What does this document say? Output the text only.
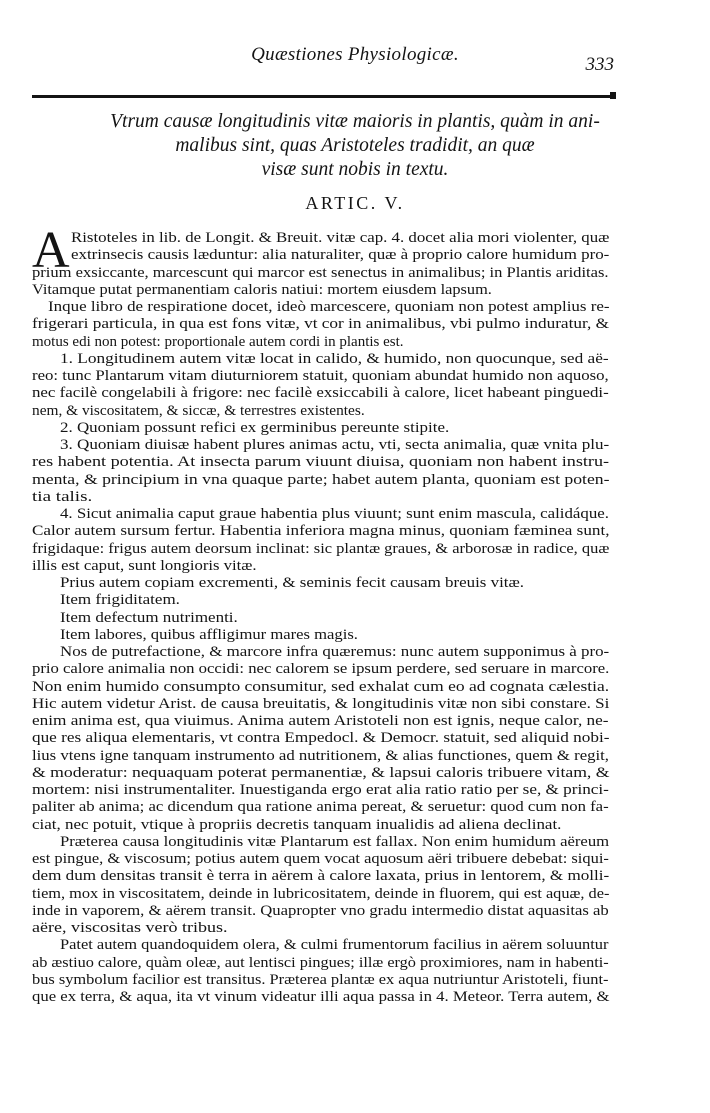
Quæstiones Physiologicæ.	333
Vtrum causæ longitudinis vitæ maioris in plantis, quàm in ani-
malibus sint, quas Aristoteles tradidit, an quæ
visæ sunt nobis in textu.
ARTIC. V.
A Ristoteles in lib. de Longit. & Breuit. vitæ cap. 4. docet alia mori violenter, quæ
extrinsecis causis læduntur: alia naturaliter, quæ à proprio calore humidum pro-
prium exsiccante, marcescunt qui marcor est senectus in animalibus; in Plantis ariditas.
Vitamque putat permanentiam caloris natiui: mortem eiusdem lapsum.
Inque libro de respiratione docet, ideò marcescere, quoniam non potest amplius re-
frigerari particula, in qua est fons vitæ, vt cor in animalibus, vbi pulmo induratur, &
motus edi non potest: proportionale autem cordi in plantis est.
1. Longitudinem autem vitæ locat in calido, & humido, non quocunque, sed aë-
reo: tunc Plantarum vitam diuturniorem statuit, quoniam abundat humido non aquoso,
nec facilè congelabili à frigore: nec facilè exsiccabili à calore, licet habeant pinguedi-
nem, & viscositatem, & siccæ, & terrestres existentes.
2. Quoniam possunt refici ex germinibus pereunte stipite.
3. Quoniam diuisæ habent plures animas actu, vti, secta animalia, quæ vnita plu-
res habent potentia. At insecta parum viuunt diuisa, quoniam non habent instru-
menta, & principium in vna quaque parte; habet autem planta, quoniam est poten-
tia talis.
4. Sicut animalia caput graue habentia plus viuunt; sunt enim mascula, calidáque.
Calor autem sursum fertur. Habentia inferiora magna minus, quoniam fæminea sunt,
frigidaque: frigus autem deorsum inclinat: sic plantæ graues, & arborosæ in radice, quæ
illis est caput, sunt longioris vitæ.
Prius autem copiam excrementi, & seminis fecit causam breuis vitæ.
Item frigiditatem.
Item defectum nutrimenti.
Item labores, quibus affligimur mares magis.
Nos de putrefactione, & marcore infra quæremus: nunc autem supponimus à pro-
prio calore animalia non occidi: nec calorem se ipsum perdere, sed seruare in marcore.
Non enim humido consumpto consumitur, sed exhalat cum eo ad cognata cælestia.
Hic autem videtur Arist. de causa breuitatis, & longitudinis vitæ non sibi constare. Si
enim anima est, qua viuimus. Anima autem Aristoteli non est ignis, neque calor, ne-
que res aliqua elementaris, vt contra Empedocl. & Democr. statuit, sed aliquid nobi-
lius vtens igne tanquam instrumento ad nutritionem, & alias functiones, quem & regit,
& moderatur: nequaquam poterat permanentiæ, & lapsui caloris tribuere vitam, &
mortem: nisi instrumentaliter. Inuestiganda ergo erat alia ratio ratio per se, & princi-
paliter ab anima; ac dicendum qua ratione anima pereat, & seruetur: quod cum non fa-
ciat, nec potuit, vtique à propriis decretis tanquam inualidis ad aliena declinat.
Præterea causa longitudinis vitæ Plantarum est fallax. Non enim humidum aëreum
est pingue, & viscosum; potius autem quem vocat aquosum aëri tribuere debebat: siqui-
dem dum densitas transit è terra in aërem à calore laxata, prius in lentorem, & molli-
tiem, mox in viscositatem, deinde in lubricositatem, deinde in fluorem, qui est aquæ, de-
inde in vaporem, & aërem transit. Quapropter vno gradu intermedio distat aquasitas ab
aëre, viscositas verò tribus.
Patet autem quandoquidem olera, & culmi frumentorum facilius in aërem soluuntur
ab æstiuo calore, quàm oleæ, aut lentisci pingues; illæ ergò proximiores, nam in habenti-
bus symbolum facilior est transitus. Præterea plantæ ex aqua nutriuntur Aristoteli, fiunt-
que ex terra, & aqua, ita vt vinum videatur illi aqua passa in 4. Meteor. Terra autem, &
